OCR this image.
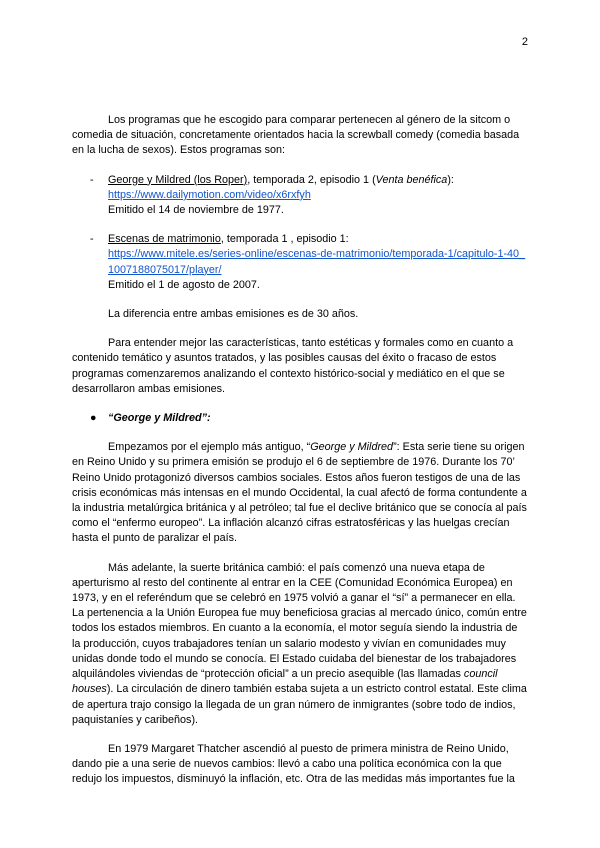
2

Los programas que he escogido para comparar pertenecen al género de la sitcom o comedia de situación, concretamente orientados hacia la screwball comedy (comedia basada en la lucha de sexos). Estos programas son:

- George y Mildred (los Roper), temporada 2, episodio 1 (Venta benéfica):
https://www.dailymotion.com/video/x6rxfyh
Emitido el 14 de noviembre de 1977.
- Escenas de matrimonio, temporada 1 , episodio 1:
https://www.mitele.es/series-online/escenas-de-matrimonio/temporada-1/capitulo-1-40_1007188075017/player/
Emitido el 1 de agosto de 2007.
La diferencia entre ambas emisiones es de 30 años.

Para entender mejor las características, tanto estéticas y formales como en cuanto a contenido temático y asuntos tratados, y las posibles causas del éxito o fracaso de estos programas comenzaremos analizando el contexto histórico-social y mediático en el que se desarrollaron ambas emisiones.

● “George y Mildred”:

Empezamos por el ejemplo más antiguo, “George y Mildred”: Esta serie tiene su origen en Reino Unido y su primera emisión se produjo el 6 de septiembre de 1976. Durante los 70’ Reino Unido protagonizó diversos cambios sociales. Estos años fueron testigos de una de las crisis económicas más intensas en el mundo Occidental, la cual afectó de forma contundente a la industria metalúrgica británica y al petróleo; tal fue el declive británico que se conocía al país como el “enfermo europeo”. La inflación alcanzó cifras estratosféricas y las huelgas crecían hasta el punto de paralizar el país.

Más adelante, la suerte británica cambió: el país comenzó una nueva etapa de aperturismo al resto del continente al entrar en la CEE (Comunidad Económica Europea) en 1973, y en el referéndum que se celebró en 1975 volvió a ganar el “sí” a permanecer en ella. La pertenencia a la Unión Europea fue muy beneficiosa gracias al mercado único, común entre todos los estados miembros. En cuanto a la economía, el motor seguía siendo la industria de la producción, cuyos trabajadores tenían un salario modesto y vivían en comunidades muy unidas donde todo el mundo se conocía. El Estado cuidaba del bienestar de los trabajadores alquilándoles viviendas de “protección oficial” a un precio asequible (las llamadas council houses). La circulación de dinero también estaba sujeta a un estricto control estatal. Este clima de apertura trajo consigo la llegada de un gran número de inmigrantes (sobre todo de indios, paquistaníes y caribeños).

En 1979 Margaret Thatcher ascendió al puesto de primera ministra de Reino Unido, dando pie a una serie de nuevos cambios: llevó a cabo una política económica con la que redujo los impuestos, disminuyó la inflación, etc. Otra de las medidas más importantes fue la
